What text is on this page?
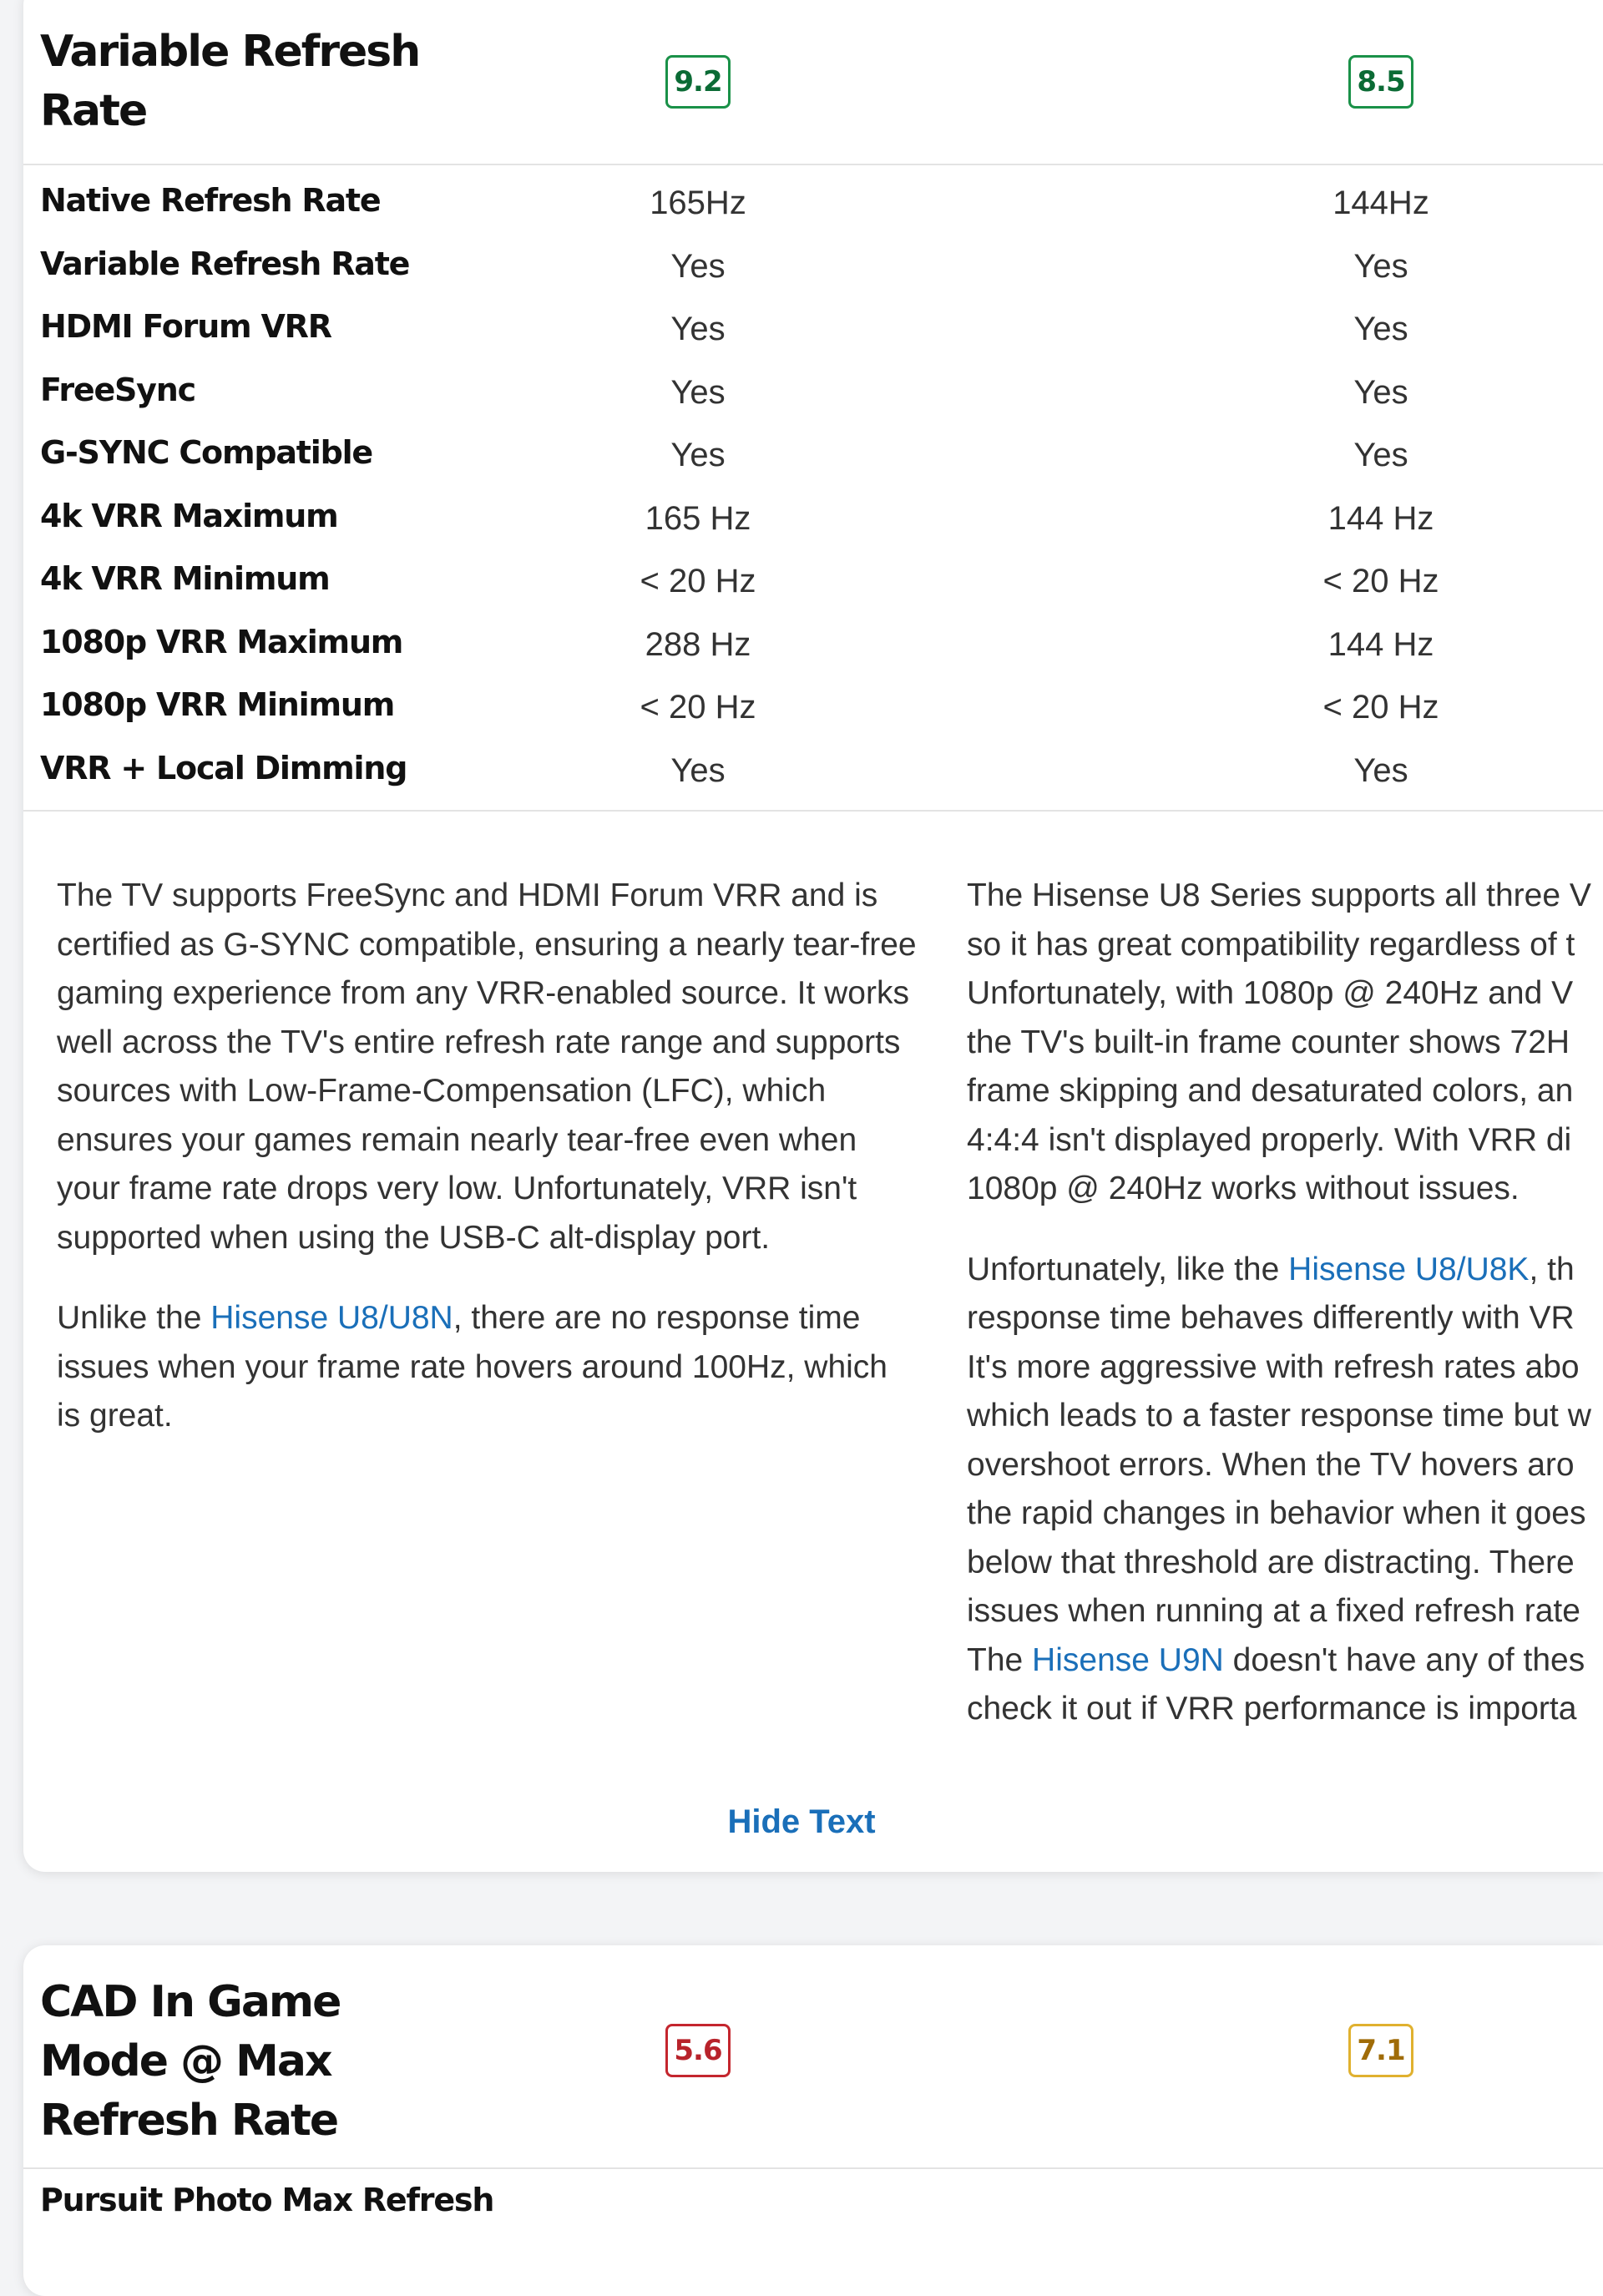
Variable Refresh Rate
9.2	8.5
Native Refresh Rate	165Hz	144Hz
Variable Refresh Rate	Yes	Yes
HDMI Forum VRR	Yes	Yes
FreeSync	Yes	Yes
G-SYNC Compatible	Yes	Yes
4k VRR Maximum	165 Hz	144 Hz
4k VRR Minimum	< 20 Hz	< 20 Hz
1080p VRR Maximum	288 Hz	144 Hz
1080p VRR Minimum	< 20 Hz	< 20 Hz
VRR + Local Dimming	Yes	Yes

The TV supports FreeSync and HDMI Forum VRR and is certified as G-SYNC compatible, ensuring a nearly tear-free gaming experience from any VRR-enabled source. It works well across the TV's entire refresh rate range and supports sources with Low-Frame-Compensation (LFC), which ensures your games remain nearly tear-free even when your frame rate drops very low. Unfortunately, VRR isn't supported when using the USB-C alt-display port.

Unlike the Hisense U8/U8N, there are no response time issues when your frame rate hovers around 100Hz, which is great.

The Hisense U8 Series supports all three V
so it has great compatibility regardless of t
Unfortunately, with 1080p @ 240Hz and V
the TV's built-in frame counter shows 72H
frame skipping and desaturated colors, an
4:4:4 isn't displayed properly. With VRR di
1080p @ 240Hz works without issues.

Unfortunately, like the Hisense U8/U8K, th
response time behaves differently with VR
It's more aggressive with refresh rates abo
which leads to a faster response time but w
overshoot errors. When the TV hovers aro
the rapid changes in behavior when it goes
below that threshold are distracting. There
issues when running at a fixed refresh rate
The Hisense U9N doesn't have any of thes
check it out if VRR performance is importa

Hide Text
CAD In Game Mode @ Max Refresh Rate
5.6	7.1
Pursuit Photo Max Refresh
